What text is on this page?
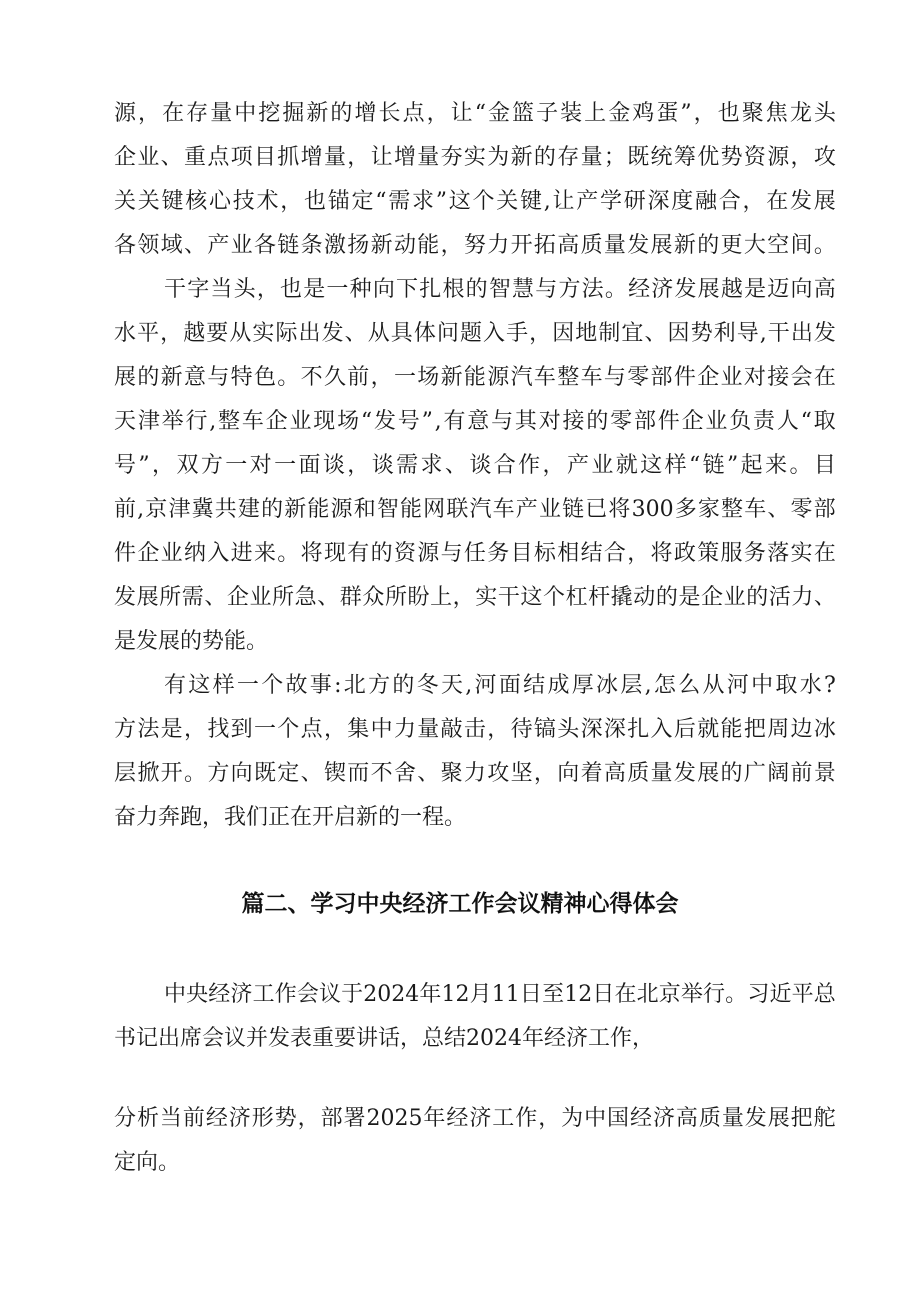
源 ， 在 存 量 中 挖 掘 新 的 增 长 点 ， 让 “ 金 篮 子 装 上 金 鸡 蛋 ” ， 也 聚 焦 龙 头
企 业 、 重 点 项 目 抓 增 量 ， 让 增 量 夯 实 为 新 的 存 量 ； 既 统 筹 优 势 资 源 ， 攻
关 关 键 核 心 技 术 ， 也 锚 定 “ 需 求 ” 这 个 关 键 , 让 产 学 研 深 度 融 合 ， 在 发 展
各 领 域 、 产 业 各 链 条 激 扬 新 动 能 ， 努 力 开 拓 高 质 量 发 展 新 的 更 大 空 间 。
干 字 当 头 ， 也 是 一 种 向 下 扎 根 的 智 慧 与 方 法 。 经 济 发 展 越 是 迈 向 高
水 平 ， 越 要 从 实 际 出 发 、 从 具 体 问 题 入 手 ， 因 地 制 宜 、 因 势 利 导 , 干 出 发
展 的 新 意 与 特 色 。 不 久 前 ， 一 场 新 能 源 汽 车 整 车 与 零 部 件 企 业 对 接 会 在
天 津 举 行 , 整 车 企 业 现 场 “ 发 号 ” , 有 意 与 其 对 接 的 零 部 件 企 业 负 责 人 “ 取
号 ” ， 双 方 一 对 一 面 谈 ， 谈 需 求 、 谈 合 作 ， 产 业 就 这 样 “ 链 ” 起 来 。 目
前 , 京 津 冀 共 建 的 新 能 源 和 智 能 网 联 汽 车 产 业 链 已 将 300 多 家 整 车 、 零 部
件 企 业 纳 入 进 来 。 将 现 有 的 资 源 与 任 务 目 标 相 结 合 ， 将 政 策 服 务 落 实 在
发 展 所 需 、 企 业 所 急 、 群 众 所 盼 上 ， 实 干 这 个 杠 杆 撬 动 的 是 企 业 的 活 力 、
是发展的势能。
有 这 样 一 个 故 事 : 北 方 的 冬 天 , 河 面 结 成 厚 冰 层 , 怎 么 从 河 中 取 水 ?
方 法 是 ， 找 到 一 个 点 ， 集 中 力 量 敲 击 ， 待 镐 头 深 深 扎 入 后 就 能 把 周 边 冰
层 掀 开 。 方 向 既 定 、 锲 而 不 舍 、 聚 力 攻 坚 ， 向 着 高 质 量 发 展 的 广 阔 前 景
奋力奔跑，我们正在开启新的一程。
篇二、学习中央经济工作会议精神心得体会
中 央 经 济 工 作 会 议 于 2024 年 12 月 11 日 至 12 日 在 北 京 举 行 。 习 近 平 总
书记出席会议并发表重要讲话，总结2024年经济工作，
分 析 当 前 经 济 形 势 ， 部 署 2025 年 经 济 工 作 ， 为 中 国 经 济 高 质 量 发 展 把 舵
定向。
